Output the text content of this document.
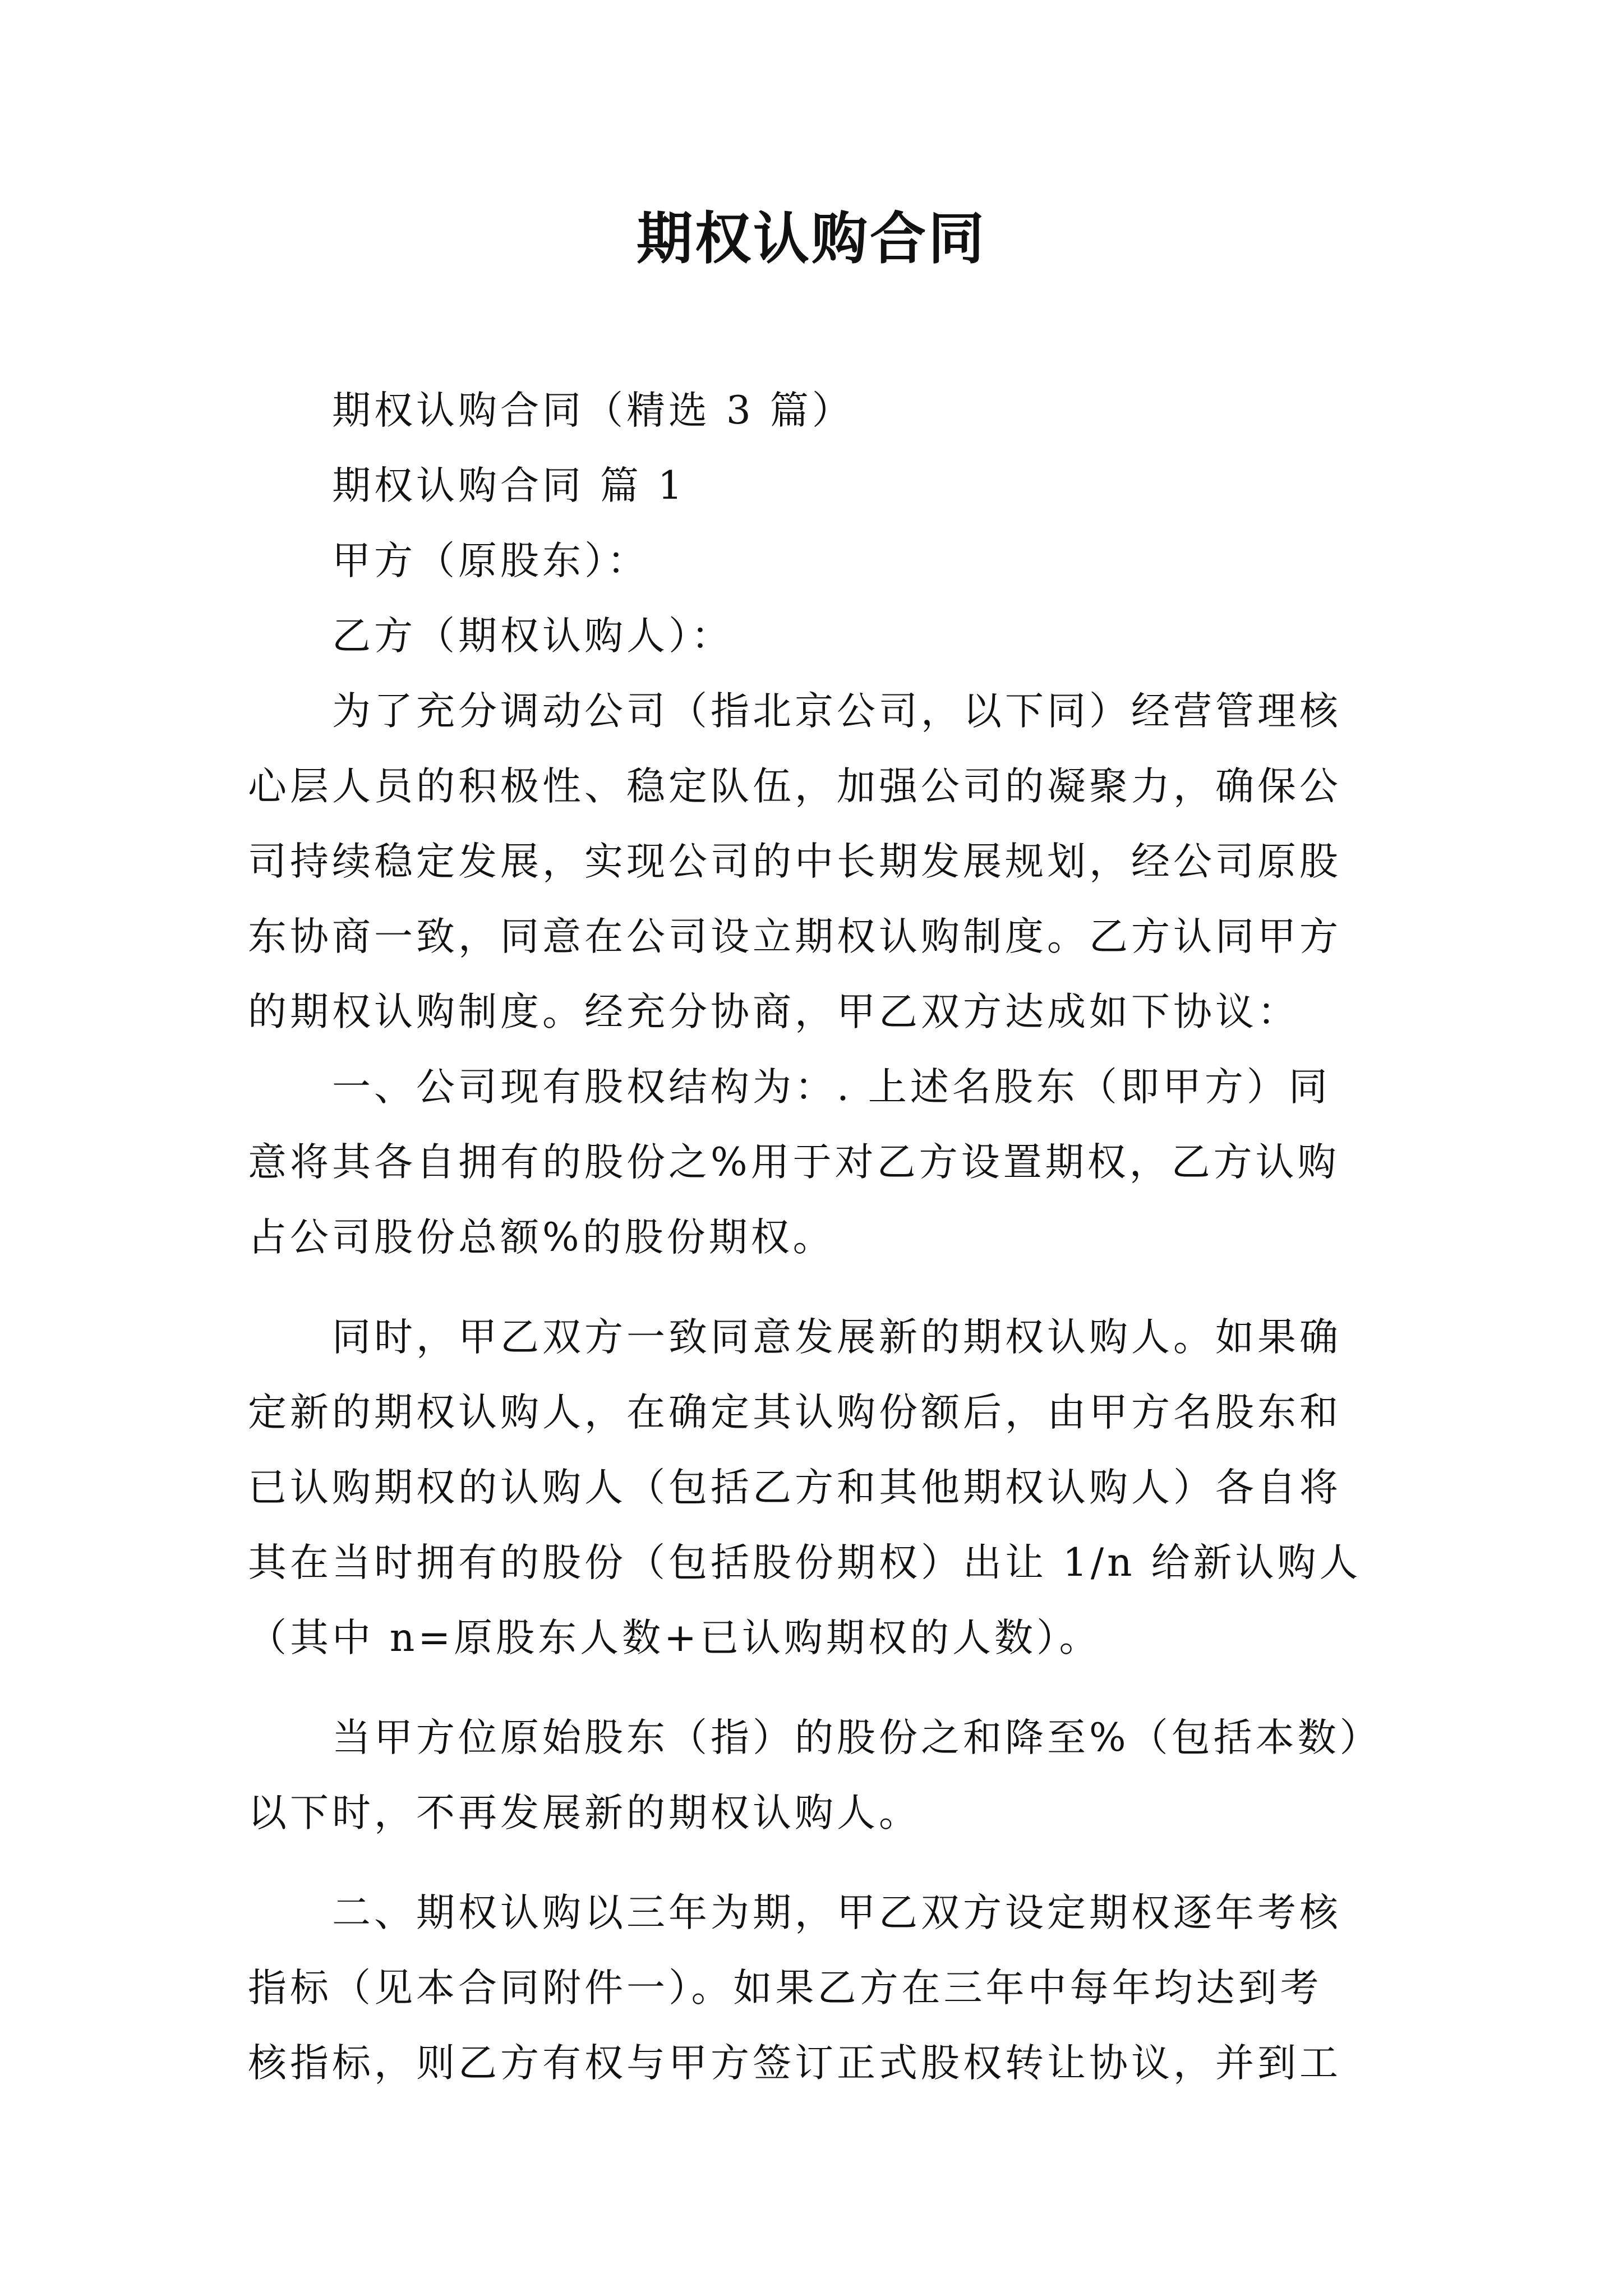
期权认购合同
期权认购合同（精选 3 篇）
期权认购合同 篇 1
甲方（原股东）：
乙方（期权认购人）：
为了充分调动公司（指北京公司，以下同）经营管理核
心层人员的积极性、稳定队伍，加强公司的凝聚力，确保公
司持续稳定发展，实现公司的中长期发展规划，经公司原股
东协商一致，同意在公司设立期权认购制度。乙方认同甲方
的期权认购制度。经充分协商，甲乙双方达成如下协议：
一、公司现有股权结构为：. 上述名股东（即甲方）同
意将其各自拥有的股份之%用于对乙方设置期权，乙方认购
占公司股份总额%的股份期权。
同时，甲乙双方一致同意发展新的期权认购人。如果确
定新的期权认购人，在确定其认购份额后，由甲方名股东和
已认购期权的认购人（包括乙方和其他期权认购人）各自将
其在当时拥有的股份（包括股份期权）出让 1/n 给新认购人
（其中 n=原股东人数+已认购期权的人数）。
当甲方位原始股东（指）的股份之和降至%（包括本数）
以下时，不再发展新的期权认购人。
二、期权认购以三年为期，甲乙双方设定期权逐年考核
指标（见本合同附件一）。如果乙方在三年中每年均达到考
核指标，则乙方有权与甲方签订正式股权转让协议，并到工
